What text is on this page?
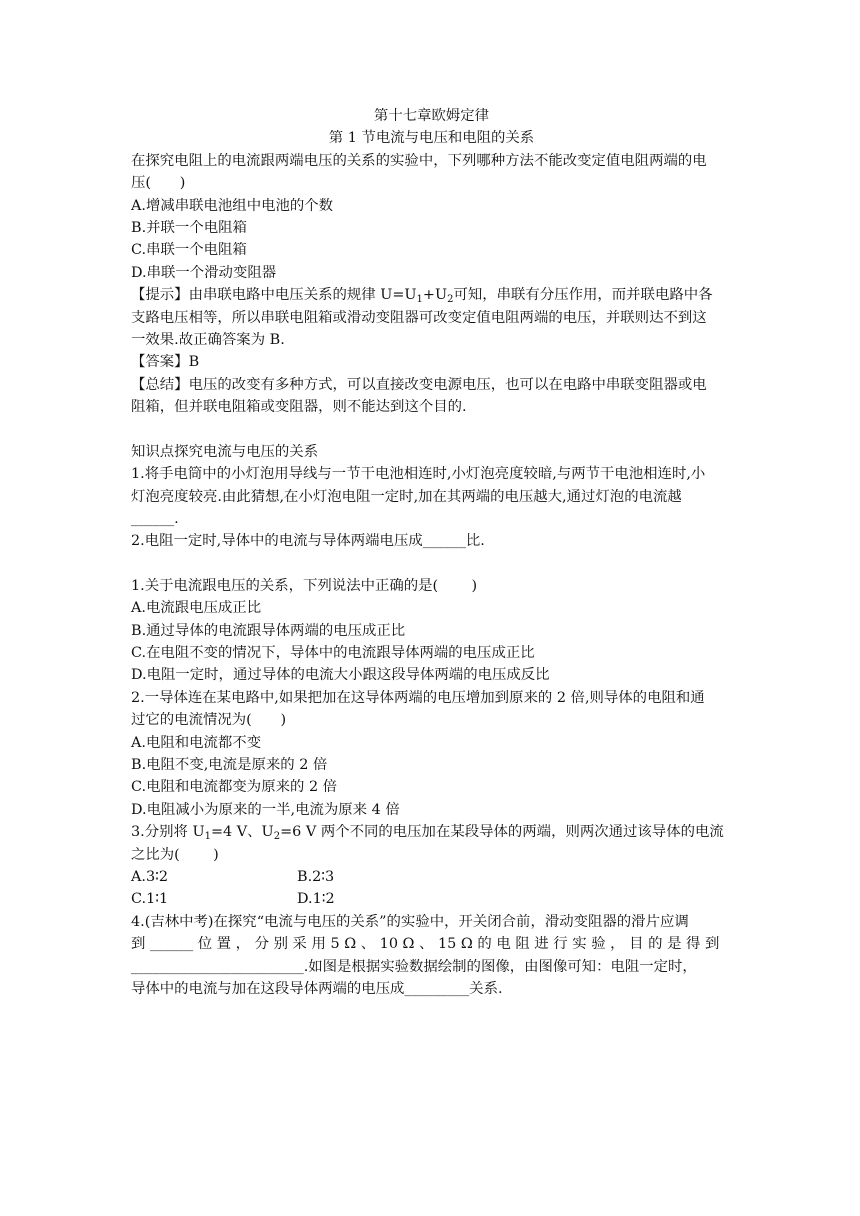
第十七章欧姆定律

第 1 节电流与电压和电阻的关系

在探究电阻上的电流跟两端电压的关系的实验中，下列哪种方法不能改变定值电阻两端的电

压(　　)

A.增减串联电池组中电池的个数

B.并联一个电阻箱

C.串联一个电阻箱

D.串联一个滑动变阻器

【提示】由串联电路中电压关系的规律 $U=U_1+U_2$可知，串联有分压作用，而并联电路中各

支路电压相等，所以串联电阻箱或滑动变阻器可改变定值电阻两端的电压，并联则达不到这

一效果.故正确答案为 B.

【答案】B

【总结】电压的改变有多种方式，可以直接改变电源电压，也可以在电路中串联变阻器或电

阻箱，但并联电阻箱或变阻器，则不能达到这个目的.

知识点探究电流与电压的关系

1.将手电筒中的小灯泡用导线与一节干电池相连时,小灯泡亮度较暗,与两节干电池相连时,小

灯泡亮度较亮.由此猜想,在小灯泡电阻一定时,加在其两端的电压越大,通过灯泡的电流越

______.

2.电阻一定时,导体中的电流与导体两端电压成______比.

1.关于电流跟电压的关系，下列说法中正确的是(　　 )

A.电流跟电压成正比

B.通过导体的电流跟导体两端的电压成正比

C.在电阻不变的情况下，导体中的电流跟导体两端的电压成正比

D.电阻一定时，通过导体的电流大小跟这段导体两端的电压成反比

2.一导体连在某电路中,如果把加在这导体两端的电压增加到原来的 2 倍,则导体的电阻和通

过它的电流情况为(　　)

A.电阻和电流都不变

B.电阻不变,电流是原来的 2 倍

C.电阻和电流都变为原来的 2 倍

D.电阻减小为原来的一半,电流为原来 4 倍

3.分别将 $U_1=4$ V、$U_2=6$ V 两个不同的电压加在某段导体的两端，则两次通过该导体的电流

之比为(　　 )

A.3∶2	B.2∶3

C.1∶1	D.1∶2

4.(吉林中考)在探究“电流与电压的关系”的实验中，开关闭合前，滑动变阻器的滑片应调

到 ______ 位 置 ， 分 别 采 用 5 Ω 、 10 Ω 、 15 Ω 的 电 阻 进 行 实 验 ， 目 的 是 得 到

________________________.如图是根据实验数据绘制的图像，由图像可知：电阻一定时，

导体中的电流与加在这段导体两端的电压成_________关系.
